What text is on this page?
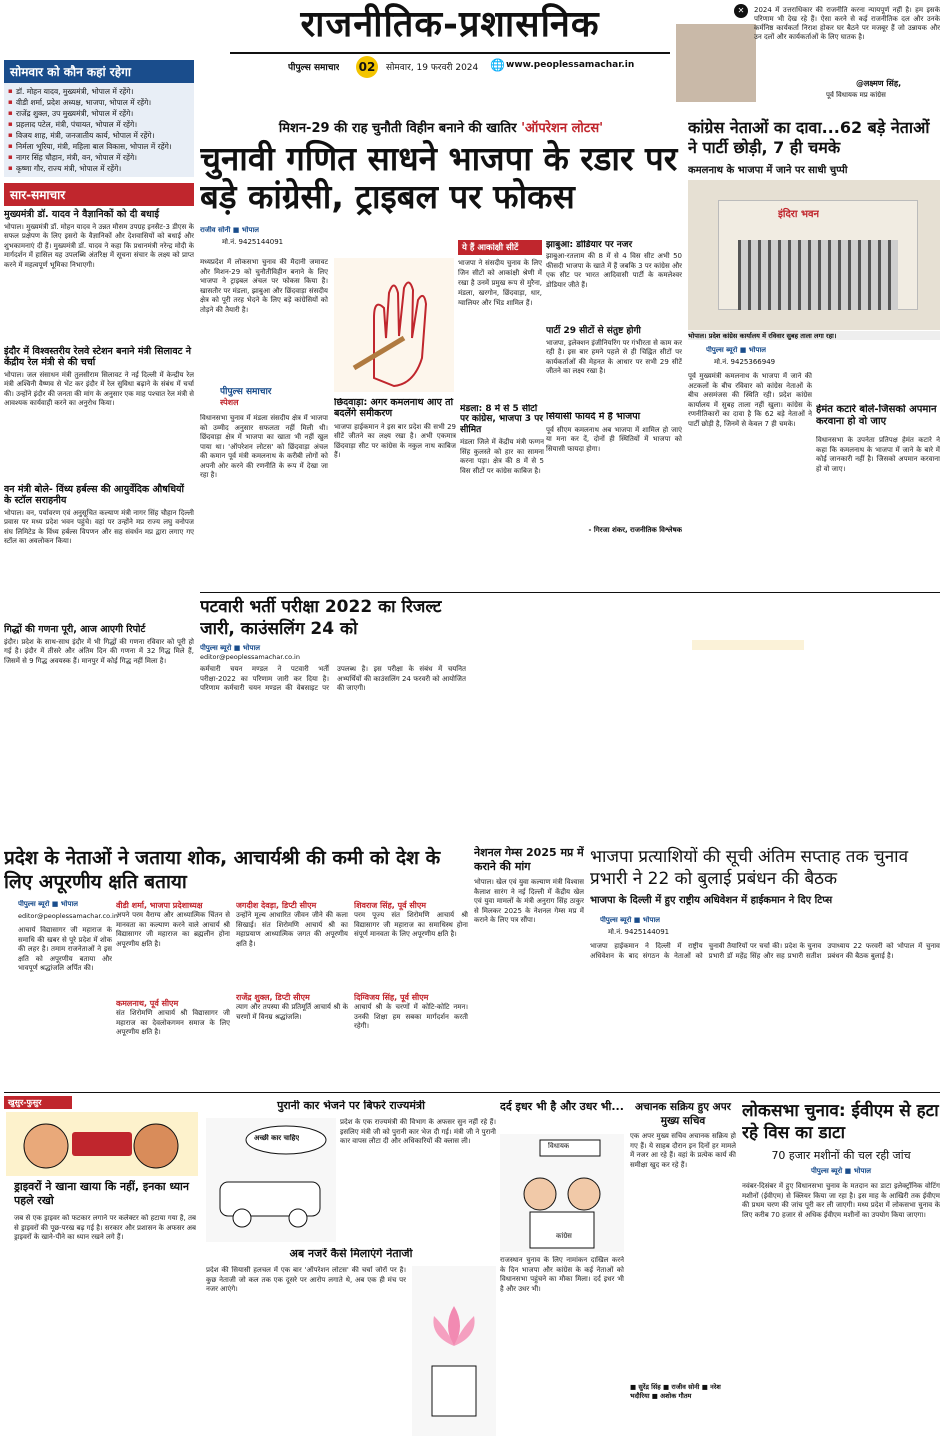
राजनीतिक-प्रशासनिक
पीपुल्स समाचार 02 सोमवार, 19 फरवरी 2024 🌐 www.peoplessamachar.in
✕	2024 में उत्तराधिकार की राजनीति करना न्यायपूर्ण नहीं है। हम इसके परिणाम भी देख रहे हैं। ऐसा करने से कई राजनीतिक दल और उनके कर्मनिष्ठ कार्यकर्ता निराश होकर घर बैठने पर मजबूर हैं जो उन्नायक और उन दलों और कार्यकर्ताओं के लिए घातक है।
@लक्ष्मण सिंह,
पूर्व विधायक मप्र कांग्रेस
सोमवार को कौन कहां रहेगा
▪ डॉ. मोहन यादव, मुख्यमंत्री, भोपाल में रहेंगे।
▪ वीडी शर्मा, प्रदेश अध्यक्ष, भाजपा, भोपाल में रहेंगे।
▪ राजेंद्र शुक्ल, उप मुख्यमंत्री, भोपाल में रहेंगे।
▪ प्रहलाद पटेल, मंत्री, पंचायत, भोपाल में रहेंगे।
▪ विजय शाह, मंत्री, जनजातीय कार्य, भोपाल में रहेंगे।
▪ निर्मला भूरिया, मंत्री, महिला बाल विकास, भोपाल में रहेंगे।
▪ नागर सिंह चौहान, मंत्री, वन, भोपाल में रहेंगे।
▪ कृष्णा गौर, राज्य मंत्री, भोपाल में रहेंगे।
सार-समाचार
मुख्यमंत्री डॉ. यादव ने वैज्ञानिकों को दी बधाई
भोपाल। मुख्यमंत्री डॉ. मोहन यादव ने उन्नत मौसम उपग्रह इनसैट-3 डीएस के सफल प्रक्षेपण के लिए इसरो के वैज्ञानिकों और देशवासियों को बधाई और शुभकामनाएं दी हैं। मुख्यमंत्री डॉ. यादव ने कहा कि प्रधानमंत्री नरेन्द्र मोदी के मार्गदर्शन में हासिल यह उपलब्धि अंतरिक्ष में सूचना संचार के लक्ष्य को प्राप्त करने में महत्वपूर्ण भूमिका निभाएगी।
इंदौर में विश्वस्तरीय रेलवे स्टेशन बनाने मंत्री सिलावट ने केंद्रीय रेल मंत्री से की चर्चा
भोपाल। जल संसाधन मंत्री तुलसीराम सिलावट ने नई दिल्ली में केन्द्रीय रेल मंत्री अश्विनी वैष्णव से भेंट कर इंदौर में रेल सुविधा बढ़ाने के संबंध में चर्चा की। उन्होंने इंदौर की जनता की मांग के अनुसार एक माह पश्चात रेल मंत्री से आवश्यक कार्यवाही करने का अनुरोध किया।
वन मंत्री बोले- विंध्य हर्बल्स की आयुर्वेदिक औषधियों के स्टॉल सराहनीय
भोपाल। वन, पर्यावरण एवं अनुसूचित कल्याण मंत्री नागर सिंह चौहान दिल्ली प्रवास पर मध्य प्रदेश भवन पहुंचे। वहां पर उन्होंने मप्र राज्य लघु वनोपज संघ लिमिटेड के विंध्य हर्बल्स विपणन और सह संवर्धन मप्र द्वारा लगाए गए स्टॉल का अवलोकन किया।
गिद्धों की गणना पूरी, आज आएगी रिपोर्ट
इंदौर। प्रदेश के साथ-साथ इंदौर में भी गिद्धों की गणना रविवार को पूरी हो गई है। इंदौर में तीसरे और अंतिम दिन की गणना में 32 गिद्ध मिले हैं, जिसमें से 9 गिद्ध अवयस्क हैं। मानपुर में कोई गिद्ध नहीं मिला है।
मिशन-29 की राह चुनौती विहीन बनाने की खातिर 'ऑपरेशन लोटस'
चुनावी गणित साधने भाजपा के रडार पर बड़े कांग्रेसी, ट्राइबल पर फोकस
राजीव सोनी ■ भोपाल
मो.नं. 9425144091
मध्यप्रदेश में लोकसभा चुनाव की मैदानी जमावट और मिशन-29 को चुनौतीविहीन बनाने के लिए भाजपा ने ट्राइबल अंचल पर फोकस किया है। खासतौर पर मंडला, झाबुआ और छिंदवाड़ा संसदीय क्षेत्र को पूरी तरह भेदने के लिए बड़े कांग्रेसियों को तोड़ने की तैयारी है।
पीपुल्स समाचार
स्पेशल
विधानसभा चुनाव में मंडला संसदीय क्षेत्र में भाजपा को उम्मीद अनुसार सफलता नहीं मिली थी। छिंदवाड़ा क्षेत्र में भाजपा का खाता भी नहीं खुल पाया था। 'ऑपरेशन लोटस' को छिंदवाड़ा अंचल की कमान पूर्व मंत्री कमलनाथ के करीबी लोगों को अपनी ओर करने की रणनीति के रूप में देखा जा रहा है।
ये हैं आकांक्षी सीटें
भाजपा ने संसदीय चुनाव के लिए जिन सीटों को आकांक्षी श्रेणी में रखा है उनमें प्रमुख रूप से मुरैना, मंडला, खरगोन, छिंदवाड़ा, धार, ग्वालियर और भिंड शामिल हैं।
झाबुआ: डोडियार पर नजर
झाबुआ-रतलाम की 8 में से 4 विस सीट अभी 50 फीसदी भाजपा के खाते में हैं जबकि 3 पर कांग्रेस और एक सीट पर भारत आदिवासी पार्टी के कमलेश्वर डोडियार जीते हैं।
पार्टी 29 सीटों से संतुष्ट होगी
भाजपा, इलेक्शन इंजीनियरिंग पर गंभीरता से काम कर रही है। इस बार हमने पहले से ही चिह्नित सीटों पर कार्यकर्ताओं की मेहनत के आधार पर सभी 29 सीटें जीतने का लक्ष्य रखा है।
छिंदवाड़ा: अगर कमलनाथ आए तो बदलेंगे समीकरण
भाजपा हाईकमान ने इस बार प्रदेश की सभी 29 सीटें जीतने का लक्ष्य रखा है। अभी एकमात्र छिंदवाड़ा सीट पर कांग्रेस के नकुल नाथ काबिज हैं।
मंडला: 8 में से 5 सीटों पर कांग्रेस, भाजपा 3 पर सीमित
मंडला जिले में केंद्रीय मंत्री फग्गन सिंह कुलस्ते को हार का सामना करना पड़ा। क्षेत्र की 8 में से 5 विस सीटों पर कांग्रेस काबिज है।
सियासी फायदे में है भाजपा
पूर्व सीएम कमलनाथ अब भाजपा में शामिल हो जाएं या मना कर दें, दोनों ही स्थितियों में भाजपा को सियासी फायदा होगा।
- गिरजा शंकर, राजनीतिक विश्लेषक
कांग्रेस नेताओं का दावा...62 बड़े नेताओं ने पार्टी छोड़ी, 7 ही चमके
कमलनाथ के भाजपा में जाने पर साधी चुप्पी
इंदिरा भवन
भोपाल। प्रदेश कांग्रेस कार्यालय में रविवार सुबह ताला लगा रहा।
पीपुल्स ब्यूरो ■ भोपाल
मो.नं. 9425366949
पूर्व मुख्यमंत्री कमलनाथ के भाजपा में जाने की अटकलों के बीच रविवार को कांग्रेस नेताओं के बीच असमंजस की स्थिति रही। प्रदेश कांग्रेस कार्यालय में सुबह ताला नहीं खुला। कांग्रेस के रणनीतिकारों का दावा है कि 62 बड़े नेताओं ने पार्टी छोड़ी है, जिनमें से केवल 7 ही चमके।
हेमंत कटारे बोले-जिसको अपमान करवाना हो वो जाए
विधानसभा के उपनेता प्रतिपक्ष हेमंत कटारे ने कहा कि कमलनाथ के भाजपा में जाने के बारे में कोई जानकारी नहीं है। जिसको अपमान करवाना हो वो जाए।
पटवारी भर्ती परीक्षा 2022 का रिजल्ट जारी, काउंसलिंग 24 को
पीपुल्स ब्यूरो ■ भोपाल
editor@peoplessamachar.co.in
कर्मचारी चयन मण्डल ने पटवारी भर्ती परीक्षा-2022 का परिणाम जारी कर दिया है। परिणाम कर्मचारी चयन मण्डल की वेबसाइट पर उपलब्ध है। इस परीक्षा के संबंध में चयनित अभ्यर्थियों की काउंसलिंग 24 फरवरी को आयोजित की जाएगी।

प्रदेश के नेताओं ने जताया शोक, आचार्यश्री की कमी को देश के लिए अपूरणीय क्षति बताया
पीपुल्स ब्यूरो ■ भोपाल
editor@peoplessamachar.co.in
आचार्य विद्यासागर जी महाराज के समाधि की खबर से पूरे प्रदेश में शोक की लहर है। तमाम राजनेताओं ने इस क्षति को अपूरणीय बताया और भावपूर्ण श्रद्धांजलि अर्पित की।
वीडी शर्मा, भाजपा प्रदेशाध्यक्ष
अपने परम वैराग्य और आध्यात्मिक चिंतन से मानवता का कल्याण करने वाले आचार्य श्री विद्यासागर जी महाराज का ब्रह्मलीन होना अपूरणीय क्षति है।
कमलनाथ, पूर्व सीएम
संत शिरोमणि आचार्य श्री विद्यासागर जी महाराज का देवलोकगमन समाज के लिए अपूरणीय क्षति है।
जगदीश देवड़ा, डिप्टी सीएम
उन्होंने मूल्य आधारित जीवन जीने की कला सिखाई। संत शिरोमणि आचार्य श्री का महाप्रयाण आध्यात्मिक जगत की अपूरणीय क्षति है।
राजेंद्र शुक्ल, डिप्टी सीएम
त्याग और तपस्या की प्रतिमूर्ति आचार्य श्री के चरणों में विनम्र श्रद्धांजलि।
शिवराज सिंह, पूर्व सीएम
परम पूज्य संत शिरोमणि आचार्य श्री विद्यासागर जी महाराज का समाधिस्थ होना संपूर्ण मानवता के लिए अपूरणीय क्षति है।
दिग्विजय सिंह, पूर्व सीएम
आचार्य श्री के चरणों में कोटि-कोटि नमन। उनकी शिक्षा हम सबका मार्गदर्शन करती रहेगी।
नेशनल गेम्स 2025 मप्र में कराने की मांग
भोपाल। खेल एवं युवा कल्याण मंत्री विश्वास कैलाश सारंग ने नई दिल्ली में केंद्रीय खेल एवं युवा मामलों के मंत्री अनुराग सिंह ठाकुर से मिलकर 2025 के नेशनल गेम्स मप्र में कराने के लिए पत्र सौंपा।
भाजपा प्रत्याशियों की सूची अंतिम सप्ताह तक चुनाव प्रभारी ने 22 को बुलाई प्रबंधन की बैठक
भाजपा के दिल्ली में हुए राष्ट्रीय अधिवेशन में हाईकमान ने दिए टिप्स
पीपुल्स ब्यूरो ■ भोपाल
मो.नं. 9425144091
भाजपा हाईकमान ने दिल्ली में राष्ट्रीय अधिवेशन के बाद संगठन के नेताओं को चुनावी तैयारियों पर चर्चा की। प्रदेश के चुनाव प्रभारी डॉ महेंद्र सिंह और सह प्रभारी सतीश उपाध्याय 22 फरवरी को भोपाल में चुनाव प्रबंधन की बैठक बुलाई है।
खुसुर-फुसुर
ड्राइवरों ने खाना खाया कि नहीं, इनका ध्यान पहले रखो
जब से एक ड्राइवर को फटकार लगाने पर कलेक्टर को हटाया गया है, तब से ड्राइवरों की पूछ-परख बढ़ गई है। सरकार और प्रशासन के अफसर अब ड्राइवरों के खाने-पीने का ध्यान रखने लगे हैं।
पुरानी कार भेजने पर बिफरे राज्यमंत्री
अच्छी कार चाहिए
प्रदेश के एक राज्यमंत्री की विभाग के अफसर सुन नहीं रहे हैं। इसलिए मंत्री जी को पुरानी कार भेज दी गई। मंत्री जी ने पुरानी कार वापस लौटा दी और अधिकारियों की क्लास ली।
अब नजरें कैसे मिलाएंगे नेताजी
प्रदेश की सियासी हलचल में एक बार 'ऑपरेशन लोटस' की चर्चा जोरों पर है। कुछ नेताजी जो कल तक एक दूसरे पर आरोप लगाते थे, अब एक ही मंच पर नजर आएंगे।
दर्द इधर भी है और उधर भी...
विधायक
कांग्रेस
राजस्थान चुनाव के लिए नामांकन दाखिल करने के दिन भाजपा और कांग्रेस के कई नेताओं को विधानसभा पहुंचने का मौका मिला। दर्द इधर भी है और उधर भी।
अचानक सक्रिय हुए अपर मुख्य सचिव
एक अपर मुख्य सचिव अचानक सक्रिय हो गए हैं। ये साहब दौरान इन दिनों हर मामले में नजर आ रहे हैं। वहां के प्रत्येक कार्य की समीक्षा खुद कर रहे हैं।
■ सुरेंद्र सिंह ■ राजीव सोनी ■ नरेश भदौरिया ■ अशोक गौतम
लोकसभा चुनाव: ईवीएम से हटा रहे विस का डाटा
70 हजार मशीनों की चल रही जांच
पीपुल्स ब्यूरो ■ भोपाल
नवंबर-दिसंबर में हुए विधानसभा चुनाव के मतदान का डाटा इलेक्ट्रॉनिक वोटिंग मशीनों (ईवीएम) से क्लियर किया जा रहा है। इस माह के आखिरी तक ईवीएम की प्रथम चरण की जांच पूरी कर ली जाएगी। मध्य प्रदेश में लोकसभा चुनाव के लिए करीब 70 हजार से अधिक ईवीएम मशीनों का उपयोग किया जाएगा।
